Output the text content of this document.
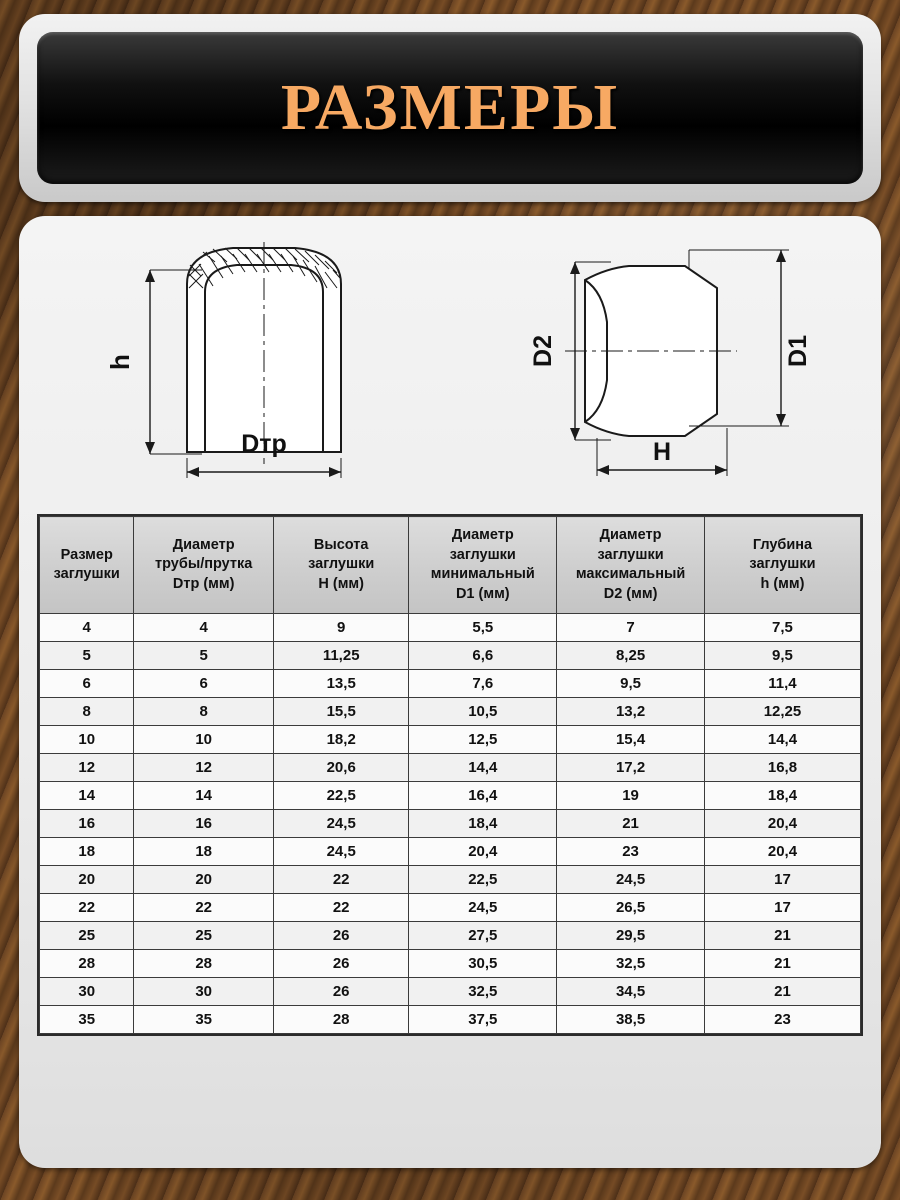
РАЗМЕРЫ
h
Dтр
D2	D1
H
Размер
заглушки	Диаметр
трубы/прутка
Dтр (мм)	Высота
заглушки
H (мм)	Диаметр
заглушки
минимальный
D1 (мм)	Диаметр
заглушки
максимальный
D2 (мм)	Глубина
заглушки
h (мм)
4	4	9	5,5	7	7,5
5	5	11,25	6,6	8,25	9,5
6	6	13,5	7,6	9,5	11,4
8	8	15,5	10,5	13,2	12,25
10	10	18,2	12,5	15,4	14,4
12	12	20,6	14,4	17,2	16,8
14	14	22,5	16,4	19	18,4
16	16	24,5	18,4	21	20,4
18	18	24,5	20,4	23	20,4
20	20	22	22,5	24,5	17
22	22	22	24,5	26,5	17
25	25	26	27,5	29,5	21
28	28	26	30,5	32,5	21
30	30	26	32,5	34,5	21
35	35	28	37,5	38,5	23
